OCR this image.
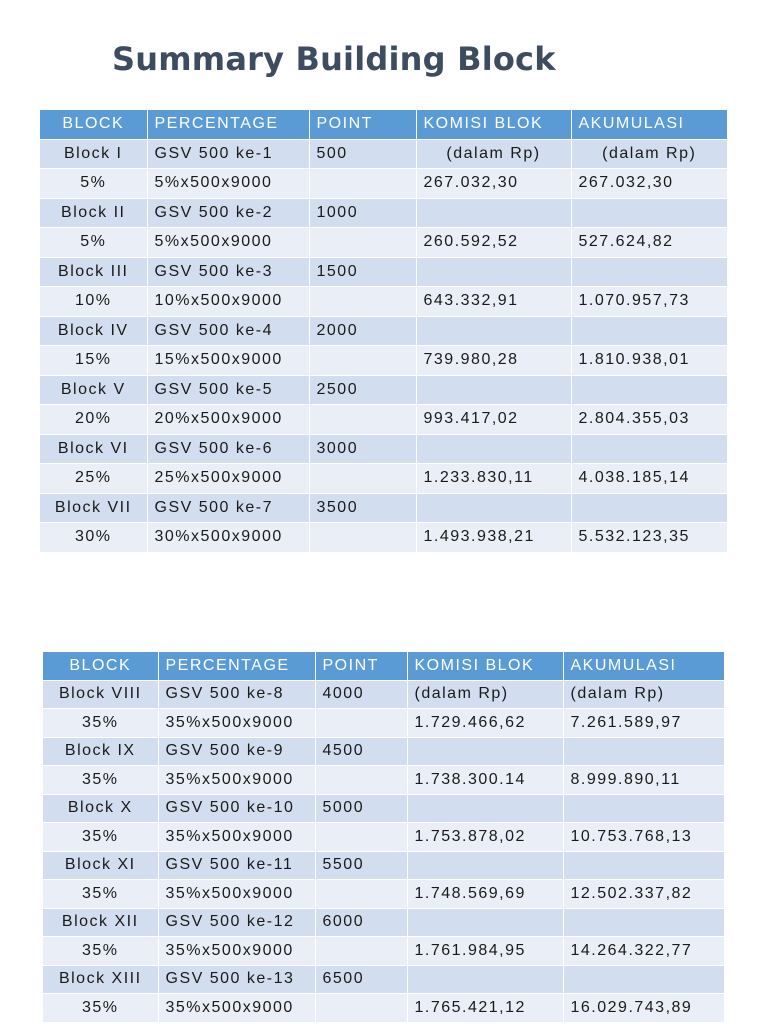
Summary Building Block
BLOCK	PERCENTAGE	POINT	KOMISI BLOK	AKUMULASI
Block I	GSV 500 ke-1	500	(dalam Rp)	(dalam Rp)
5%	5%x500x9000		267.032,30	267.032,30
Block II	GSV 500 ke-2	1000		
5%	5%x500x9000		260.592,52	527.624,82
Block III	GSV 500 ke-3	1500		
10%	10%x500x9000		643.332,91	1.070.957,73
Block IV	GSV 500 ke-4	2000		
15%	15%x500x9000		739.980,28	1.810.938,01
Block V	GSV 500 ke-5	2500		
20%	20%x500x9000		993.417,02	2.804.355,03
Block VI	GSV 500 ke-6	3000		
25%	25%x500x9000		1.233.830,11	4.038.185,14
Block VII	GSV 500 ke-7	3500		
30%	30%x500x9000		1.493.938,21	5.532.123,35
BLOCK	PERCENTAGE	POINT	KOMISI BLOK	AKUMULASI
Block VIII	GSV 500 ke-8	4000	(dalam Rp)	(dalam Rp)
35%	35%x500x9000		1.729.466,62	7.261.589,97
Block IX	GSV 500 ke-9	4500		
35%	35%x500x9000		1.738.300.14	8.999.890,11
Block X	GSV 500 ke-10	5000		
35%	35%x500x9000		1.753.878,02	10.753.768,13
Block XI	GSV 500 ke-11	5500		
35%	35%x500x9000		1.748.569,69	12.502.337,82
Block XII	GSV 500 ke-12	6000		
35%	35%x500x9000		1.761.984,95	14.264.322,77
Block XIII	GSV 500 ke-13	6500		
35%	35%x500x9000		1.765.421,12	16.029.743,89
